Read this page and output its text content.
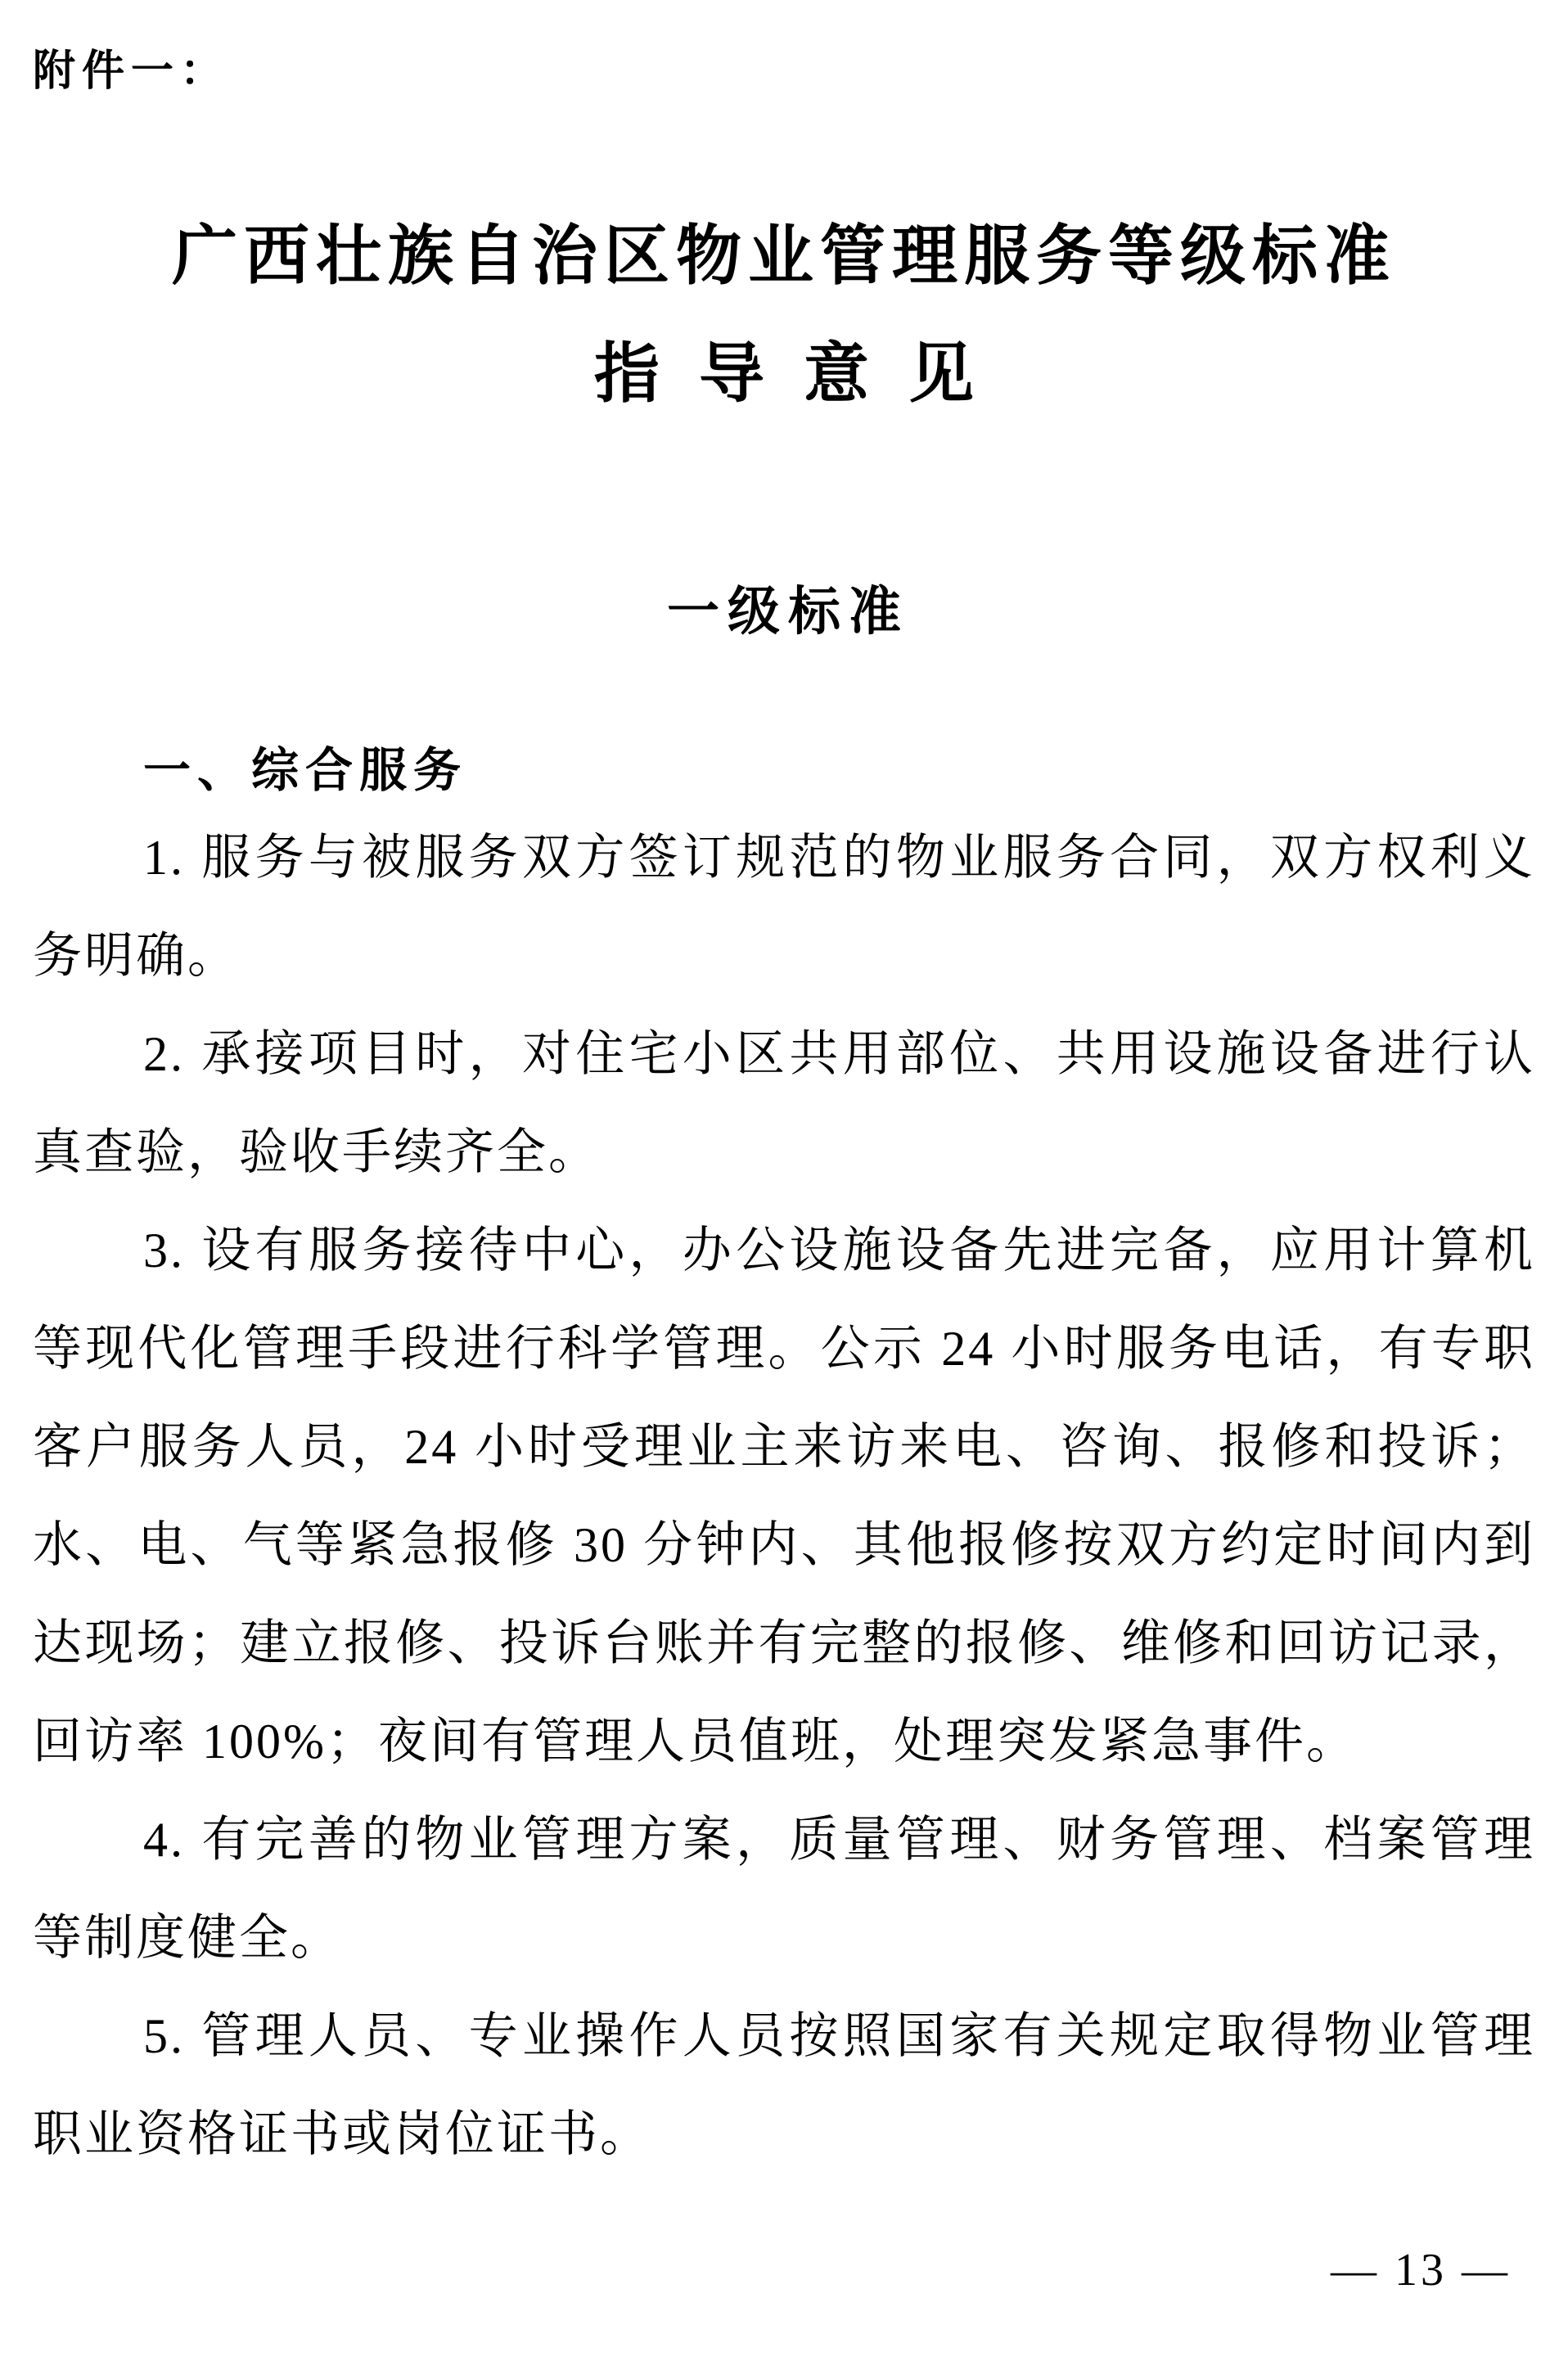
附件一：
广西壮族自治区物业管理服务等级标准
指导意见
一级标准
一、综合服务

1. 服务与被服务双方签订规范的物业服务合同，双方权利义务明确。

2. 承接项目时，对住宅小区共用部位、共用设施设备进行认真查验，验收手续齐全。

3. 设有服务接待中心，办公设施设备先进完备，应用计算机等现代化管理手段进行科学管理。公示 24 小时服务电话，有专职客户服务人员，24 小时受理业主来访来电、咨询、报修和投诉；水、电、气等紧急报修 30 分钟内、其他报修按双方约定时间内到达现场；建立报修、投诉台账并有完整的报修、维修和回访记录，回访率 100%；夜间有管理人员值班，处理突发紧急事件。

4. 有完善的物业管理方案，质量管理、财务管理、档案管理等制度健全。

5. 管理人员、专业操作人员按照国家有关规定取得物业管理职业资格证书或岗位证书。

— 13 —
